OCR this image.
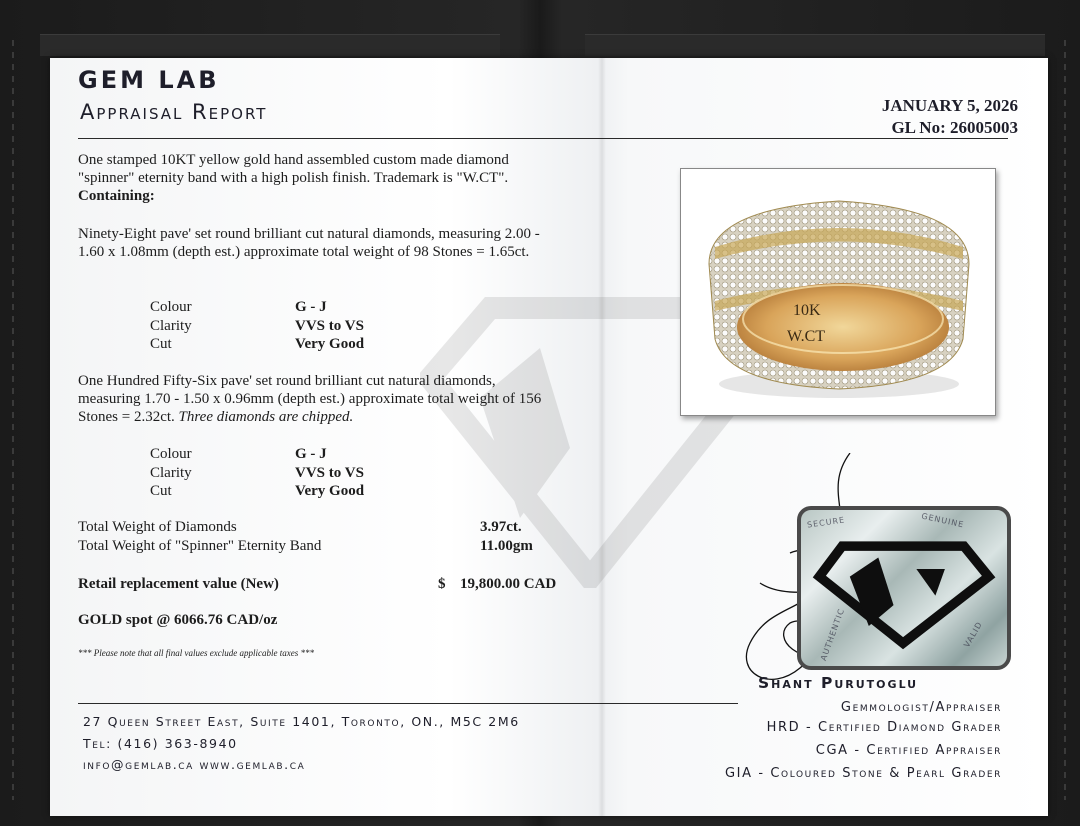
GEM LAB
Appraisal Report	JANUARY 5, 2026
GL No: 26005003
One stamped 10KT yellow gold hand assembled custom made diamond "spinner" eternity band with a high polish finish. Trademark is "W.CT".
Containing:
Ninety-Eight pave' set round brilliant cut natural diamonds, measuring 2.00 - 1.60 x 1.08mm (depth est.) approximate total weight of 98 Stones = 1.65ct.
Colour	G - J
Clarity	VVS to VS
Cut	Very Good
One Hundred Fifty-Six pave' set round brilliant cut natural diamonds, measuring 1.70 - 1.50 x 0.96mm (depth est.) approximate total weight of 156 Stones = 2.32ct. Three diamonds are chipped.
Colour	G - J
Clarity	VVS to VS
Cut	Very Good
Total Weight of Diamonds	3.97ct.
Total Weight of "Spinner" Eternity Band	11.00gm
Retail replacement value (New)	$ 19,800.00 CAD
GOLD spot @ 6066.76 CAD/oz
*** Please note that all final values exclude applicable taxes ***
27 Queen Street East, Suite 1401, Toronto, ON., M5C 2M6
Tel: (416) 363-8940
info@gemlab.ca www.gemlab.ca
10K
W.CT
SECURE	GENUINE
AUTHENTIC	VALID
Shant Purutoglu
Gemmologist/Appraiser
HRD - Certified Diamond Grader
CGA - Certified Appraiser
GIA - Coloured Stone & Pearl Grader
